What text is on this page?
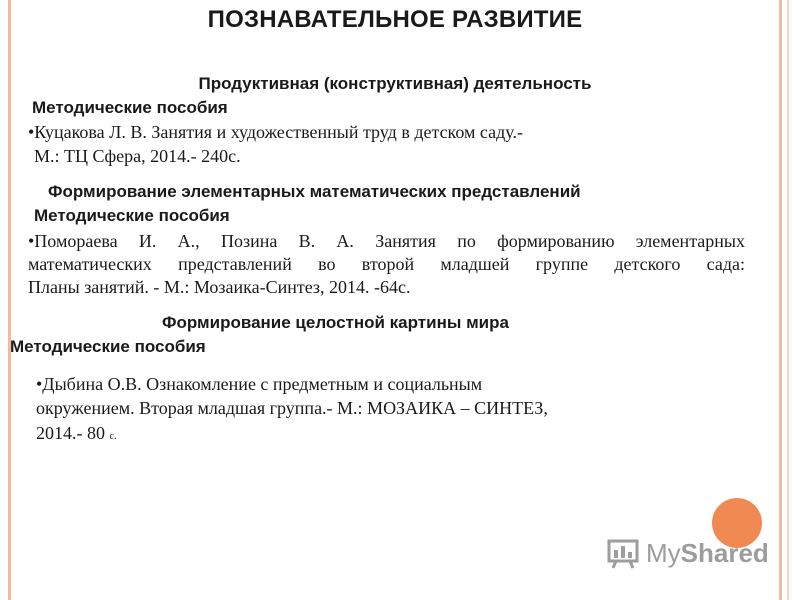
ПОЗНАВАТЕЛЬНОЕ РАЗВИТИЕ
Продуктивная (конструктивная) деятельность
Методические пособия
•Куцакова Л. В. Занятия и художественный труд в детском саду.-
М.: ТЦ Сфера, 2014.- 240с.
Формирование элементарных математических представлений
Методические пособия
•Помораева И. А., Позина В. А. Занятия по формированию элементарных
математических представлений во второй младшей группе детского сада:
Планы занятий. - М.: Мозаика-Синтез, 2014. -64с.
Формирование целостной картины мира
Методические пособия
•Дыбина О.В. Ознакомление с предметным и социальным
окружением. Вторая младшая группа.- М.: МОЗАИКА – СИНТЕЗ,
2014.- 80 с.
MyShared
